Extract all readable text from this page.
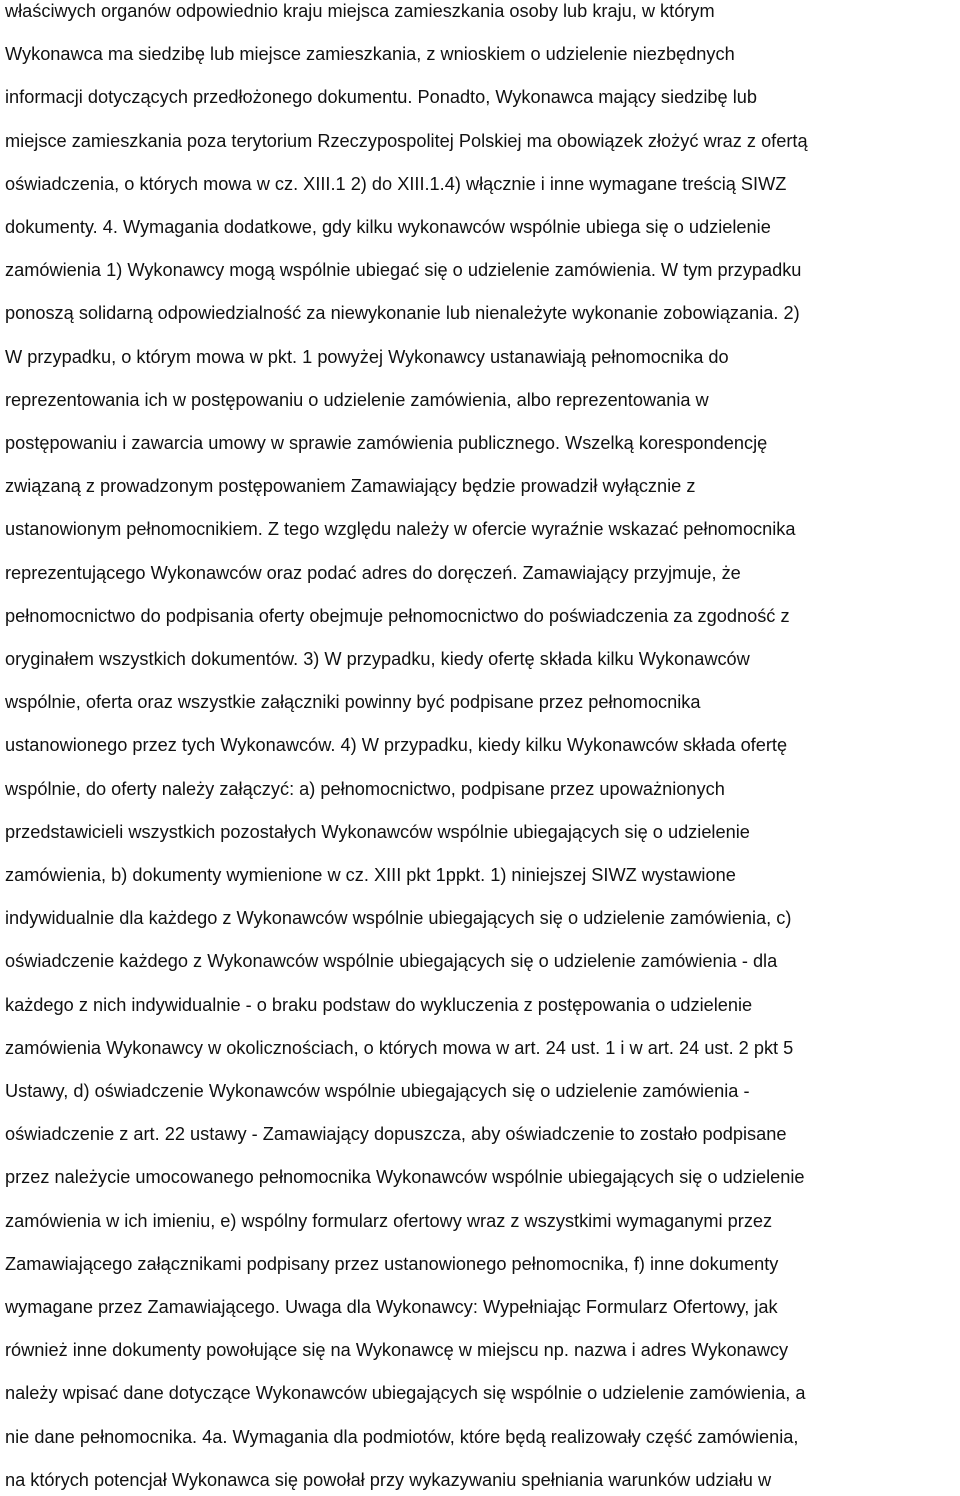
właściwych organów odpowiednio kraju miejsca zamieszkania osoby lub kraju, w którym
Wykonawca ma siedzibę lub miejsce zamieszkania, z wnioskiem o udzielenie niezbędnych
informacji dotyczących przedłożonego dokumentu. Ponadto, Wykonawca mający siedzibę lub
miejsce zamieszkania poza terytorium Rzeczypospolitej Polskiej ma obowiązek złożyć wraz z ofertą
oświadczenia, o których mowa w cz. XIII.1 2) do XIII.1.4) włącznie i inne wymagane treścią SIWZ
dokumenty. 4. Wymagania dodatkowe, gdy kilku wykonawców wspólnie ubiega się o udzielenie
zamówienia 1) Wykonawcy mogą wspólnie ubiegać się o udzielenie zamówienia. W tym przypadku
ponoszą solidarną odpowiedzialność za niewykonanie lub nienależyte wykonanie zobowiązania. 2)
W przypadku, o którym mowa w pkt. 1 powyżej Wykonawcy ustanawiają pełnomocnika do
reprezentowania ich w postępowaniu o udzielenie zamówienia, albo reprezentowania w
postępowaniu i zawarcia umowy w sprawie zamówienia publicznego. Wszelką korespondencję
związaną z prowadzonym postępowaniem Zamawiający będzie prowadził wyłącznie z
ustanowionym pełnomocnikiem. Z tego względu należy w ofercie wyraźnie wskazać pełnomocnika
reprezentującego Wykonawców oraz podać adres do doręczeń. Zamawiający przyjmuje, że
pełnomocnictwo do podpisania oferty obejmuje pełnomocnictwo do poświadczenia za zgodność z
oryginałem wszystkich dokumentów. 3) W przypadku, kiedy ofertę składa kilku Wykonawców
wspólnie, oferta oraz wszystkie załączniki powinny być podpisane przez pełnomocnika
ustanowionego przez tych Wykonawców. 4) W przypadku, kiedy kilku Wykonawców składa ofertę
wspólnie, do oferty należy załączyć: a) pełnomocnictwo, podpisane przez upoważnionych
przedstawicieli wszystkich pozostałych Wykonawców wspólnie ubiegających się o udzielenie
zamówienia, b) dokumenty wymienione w cz. XIII pkt 1ppkt. 1) niniejszej SIWZ wystawione
indywidualnie dla każdego z Wykonawców wspólnie ubiegających się o udzielenie zamówienia, c)
oświadczenie każdego z Wykonawców wspólnie ubiegających się o udzielenie zamówienia - dla
każdego z nich indywidualnie - o braku podstaw do wykluczenia z postępowania o udzielenie
zamówienia Wykonawcy w okolicznościach, o których mowa w art. 24 ust. 1 i w art. 24 ust. 2 pkt 5
Ustawy, d) oświadczenie Wykonawców wspólnie ubiegających się o udzielenie zamówienia -
oświadczenie z art. 22 ustawy - Zamawiający dopuszcza, aby oświadczenie to zostało podpisane
przez należycie umocowanego pełnomocnika Wykonawców wspólnie ubiegających się o udzielenie
zamówienia w ich imieniu, e) wspólny formularz ofertowy wraz z wszystkimi wymaganymi przez
Zamawiającego załącznikami podpisany przez ustanowionego pełnomocnika, f) inne dokumenty
wymagane przez Zamawiającego. Uwaga dla Wykonawcy: Wypełniając Formularz Ofertowy, jak
również inne dokumenty powołujące się na Wykonawcę w miejscu np. nazwa i adres Wykonawcy
należy wpisać dane dotyczące Wykonawców ubiegających się wspólnie o udzielenie zamówienia, a
nie dane pełnomocnika. 4a. Wymagania dla podmiotów, które będą realizowały część zamówienia,
na których potencjał Wykonawca się powołał przy wykazywaniu spełniania warunków udziału w
